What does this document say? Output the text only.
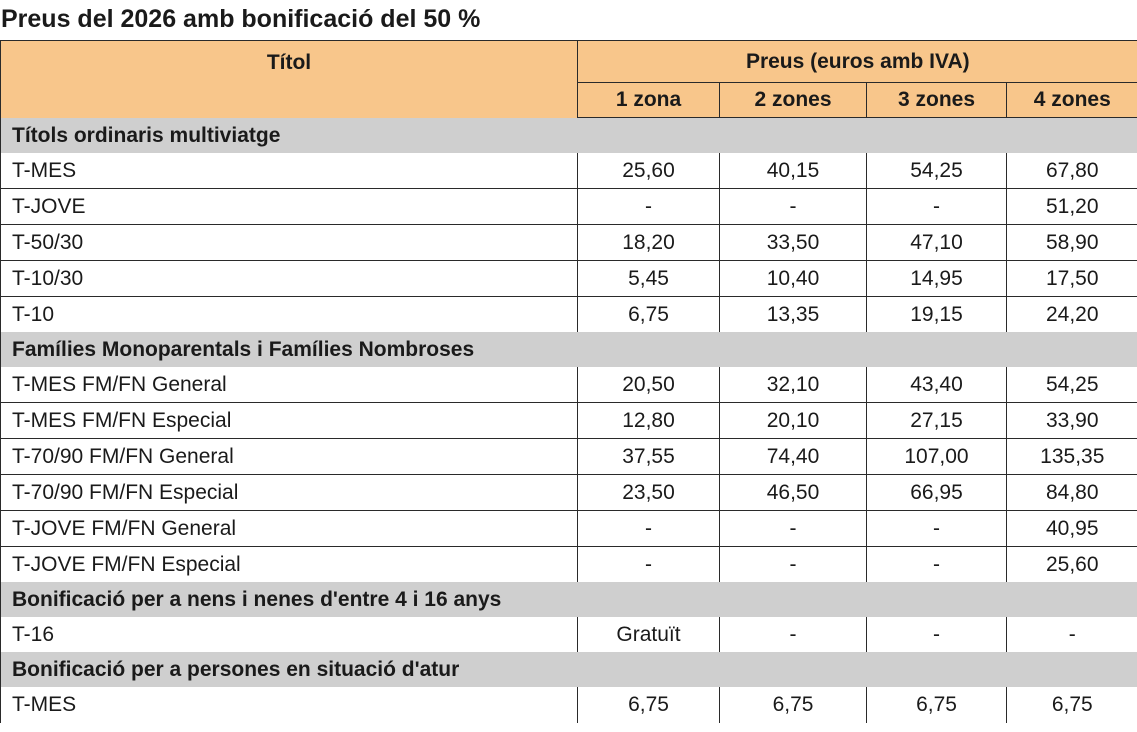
Preus del 2026 amb bonificació del 50 %
Títol	Preus (euros amb IVA)			
	1 zona	2 zones	3 zones	4 zones
Títols ordinaris multiviatge				
T-MES	25,60	40,15	54,25	67,80
T-JOVE	-	-	-	51,20
T-50/30	18,20	33,50	47,10	58,90
T-10/30	5,45	10,40	14,95	17,50
T-10	6,75	13,35	19,15	24,20
Famílies Monoparentals i Famílies Nombroses				
T-MES FM/FN General	20,50	32,10	43,40	54,25
T-MES FM/FN Especial	12,80	20,10	27,15	33,90
T-70/90 FM/FN General	37,55	74,40	107,00	135,35
T-70/90 FM/FN Especial	23,50	46,50	66,95	84,80
T-JOVE FM/FN General	-	-	-	40,95
T-JOVE FM/FN Especial	-	-	-	25,60
Bonificació per a nens i nenes d'entre 4 i 16 anys				
T-16	Gratuït	-	-	-
Bonificació per a persones en situació d'atur				
T-MES	6,75	6,75	6,75	6,75
